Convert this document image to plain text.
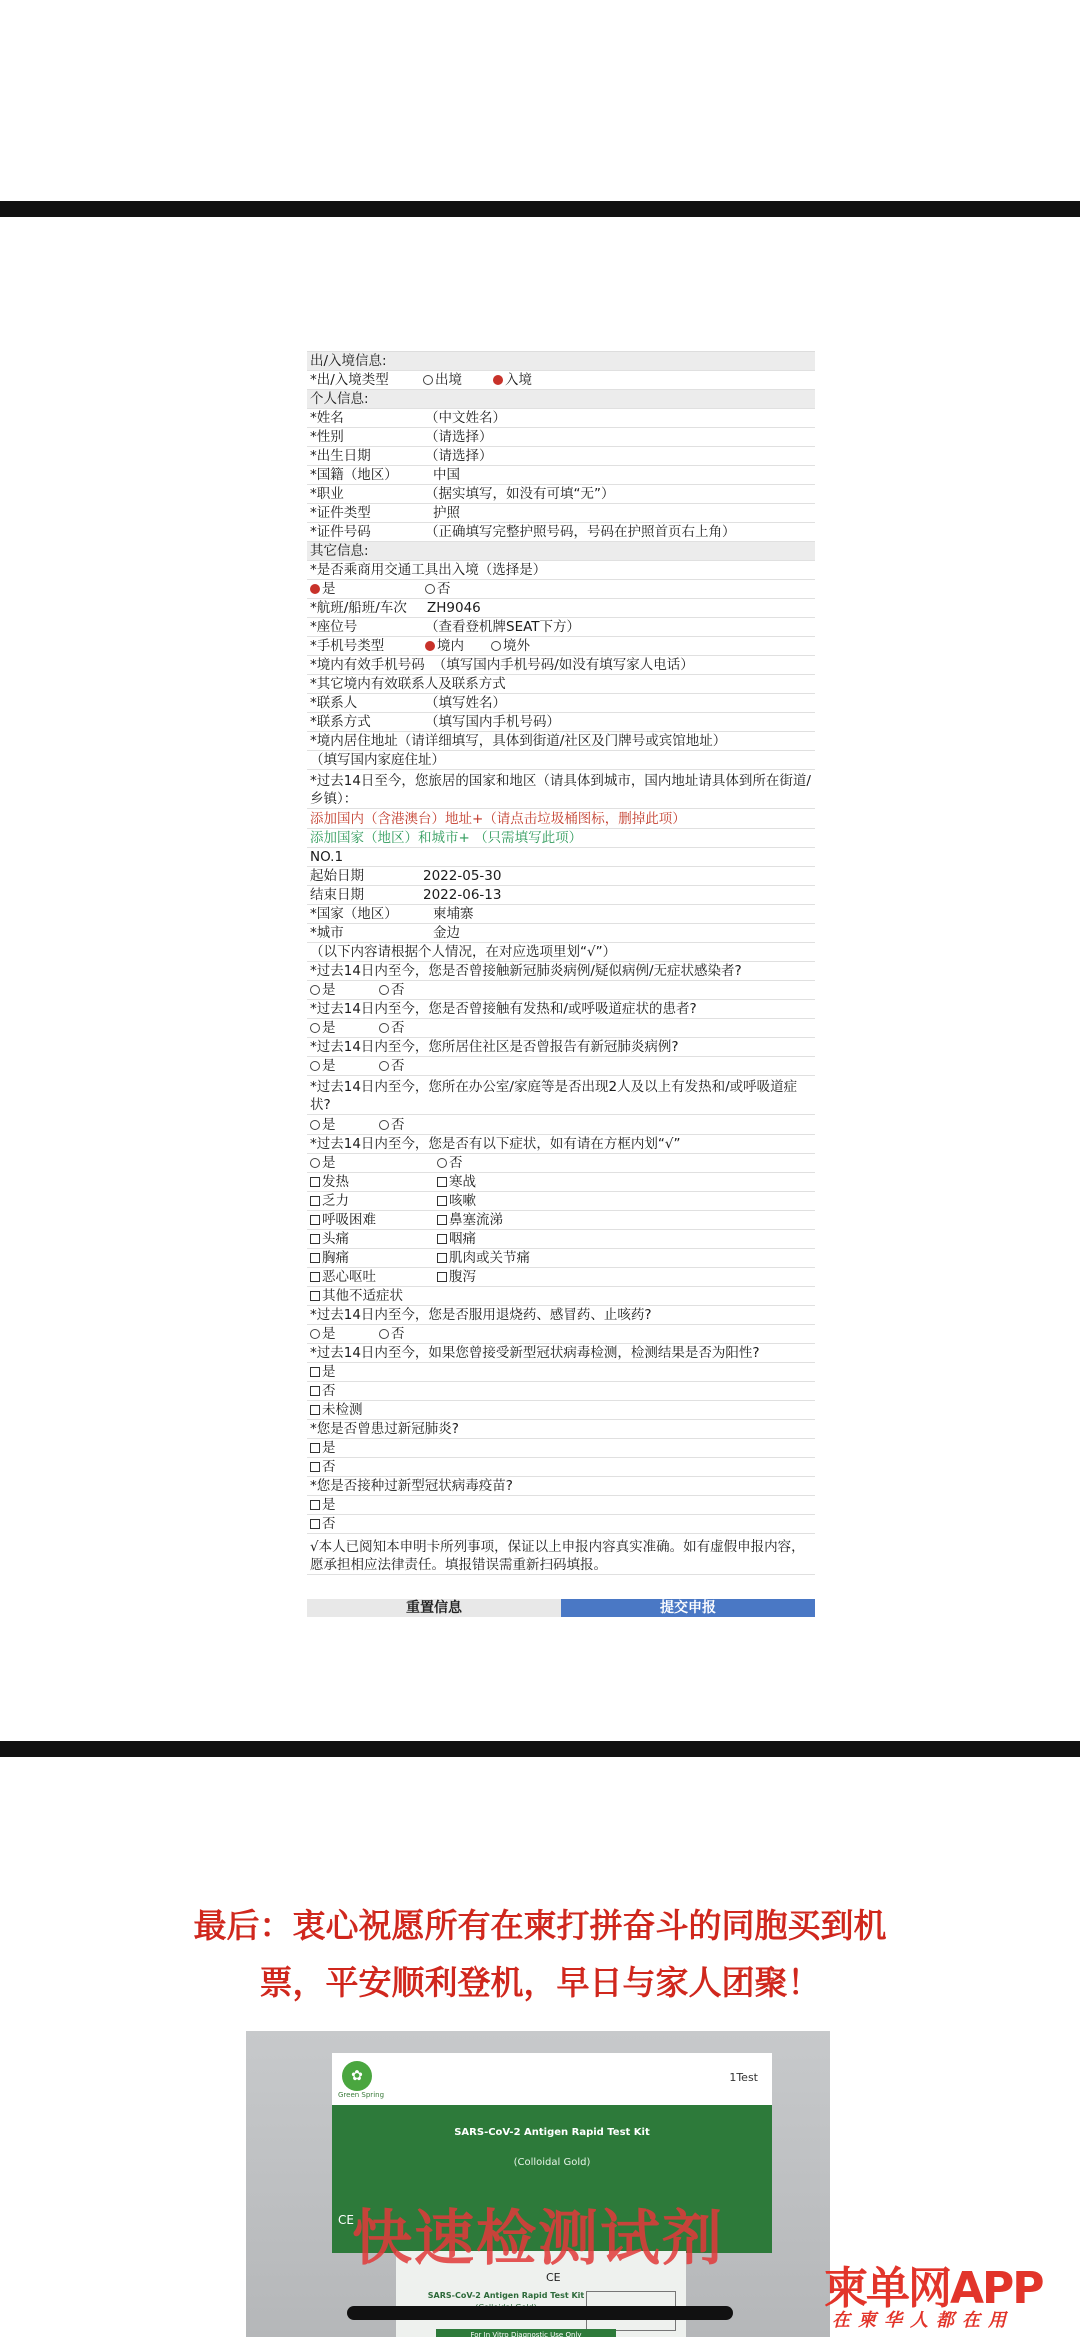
出/入境信息:
*出/入境类型	出境	入境
个人信息:
*姓名	（中文姓名）
*性别	（请选择）
*出生日期	（请选择）
*国籍（地区）	中国
*职业	（据实填写，如没有可填“无”）
*证件类型	护照
*证件号码	（正确填写完整护照号码，号码在护照首页右上角）
其它信息:
*是否乘商用交通工具出入境（选择是）
是	否
*航班/船班/车次 ZH9046
*座位号	（查看登机牌SEAT下方）
*手机号类型	境内	境外
*境内有效手机号码 （填写国内手机号码/如没有填写家人电话）
*其它境内有效联系人及联系方式
*联系人	（填写姓名）
*联系方式	（填写国内手机号码）
*境内居住地址（请详细填写，具体到街道/社区及门牌号或宾馆地址）
（填写国内家庭住址）
*过去14日至今，您旅居的国家和地区（请具体到城市，国内地址请具体到所在街道/乡镇）：
添加国内（含港澳台）地址+（请点击垃圾桶图标，删掉此项）
添加国家（地区）和城市+ （只需填写此项）
NO.1
起始日期	2022-05-30
结束日期	2022-06-13
*国家（地区）	柬埔寨
*城市	金边
（以下内容请根据个人情况，在对应选项里划“√”）
*过去14日内至今，您是否曾接触新冠肺炎病例/疑似病例/无症状感染者?
是	否
*过去14日内至今，您是否曾接触有发热和/或呼吸道症状的患者?
是	否
*过去14日内至今，您所居住社区是否曾报告有新冠肺炎病例?
是	否
*过去14日内至今，您所在办公室/家庭等是否出现2人及以上有发热和/或呼吸道症状?
是	否
*过去14日内至今，您是否有以下症状，如有请在方框内划“√”
是	否
发热	寒战
乏力	咳嗽
呼吸困难	鼻塞流涕
头痛	咽痛
胸痛	肌肉或关节痛
恶心呕吐	腹泻
其他不适症状
*过去14日内至今，您是否服用退烧药、感冒药、止咳药?
是	否
*过去14日内至今，如果您曾接受新型冠状病毒检测，检测结果是否为阳性?
是
否
未检测
*您是否曾患过新冠肺炎?
是
否
*您是否接种过新型冠状病毒疫苗?
是
否
√本人已阅知本申明卡所列事项，保证以上申报内容真实准确。如有虚假申报内容，愿承担相应法律责任。填报错误需重新扫码填报。
重置信息	提交申报
最后：衷心祝愿所有在柬打拼奋斗的同胞买到机
票，平安顺利登机，早日与家人团聚！
✿
Green Spring
1Test
SARS-CoV-2 Antigen Rapid Test Kit
(Colloidal Gold)
CE
CE
SARS-CoV-2 Antigen Rapid Test Kit
For In Vitro Diagnostic Use Only
快速检测试剂
柬单网APP
在柬华人都在用
